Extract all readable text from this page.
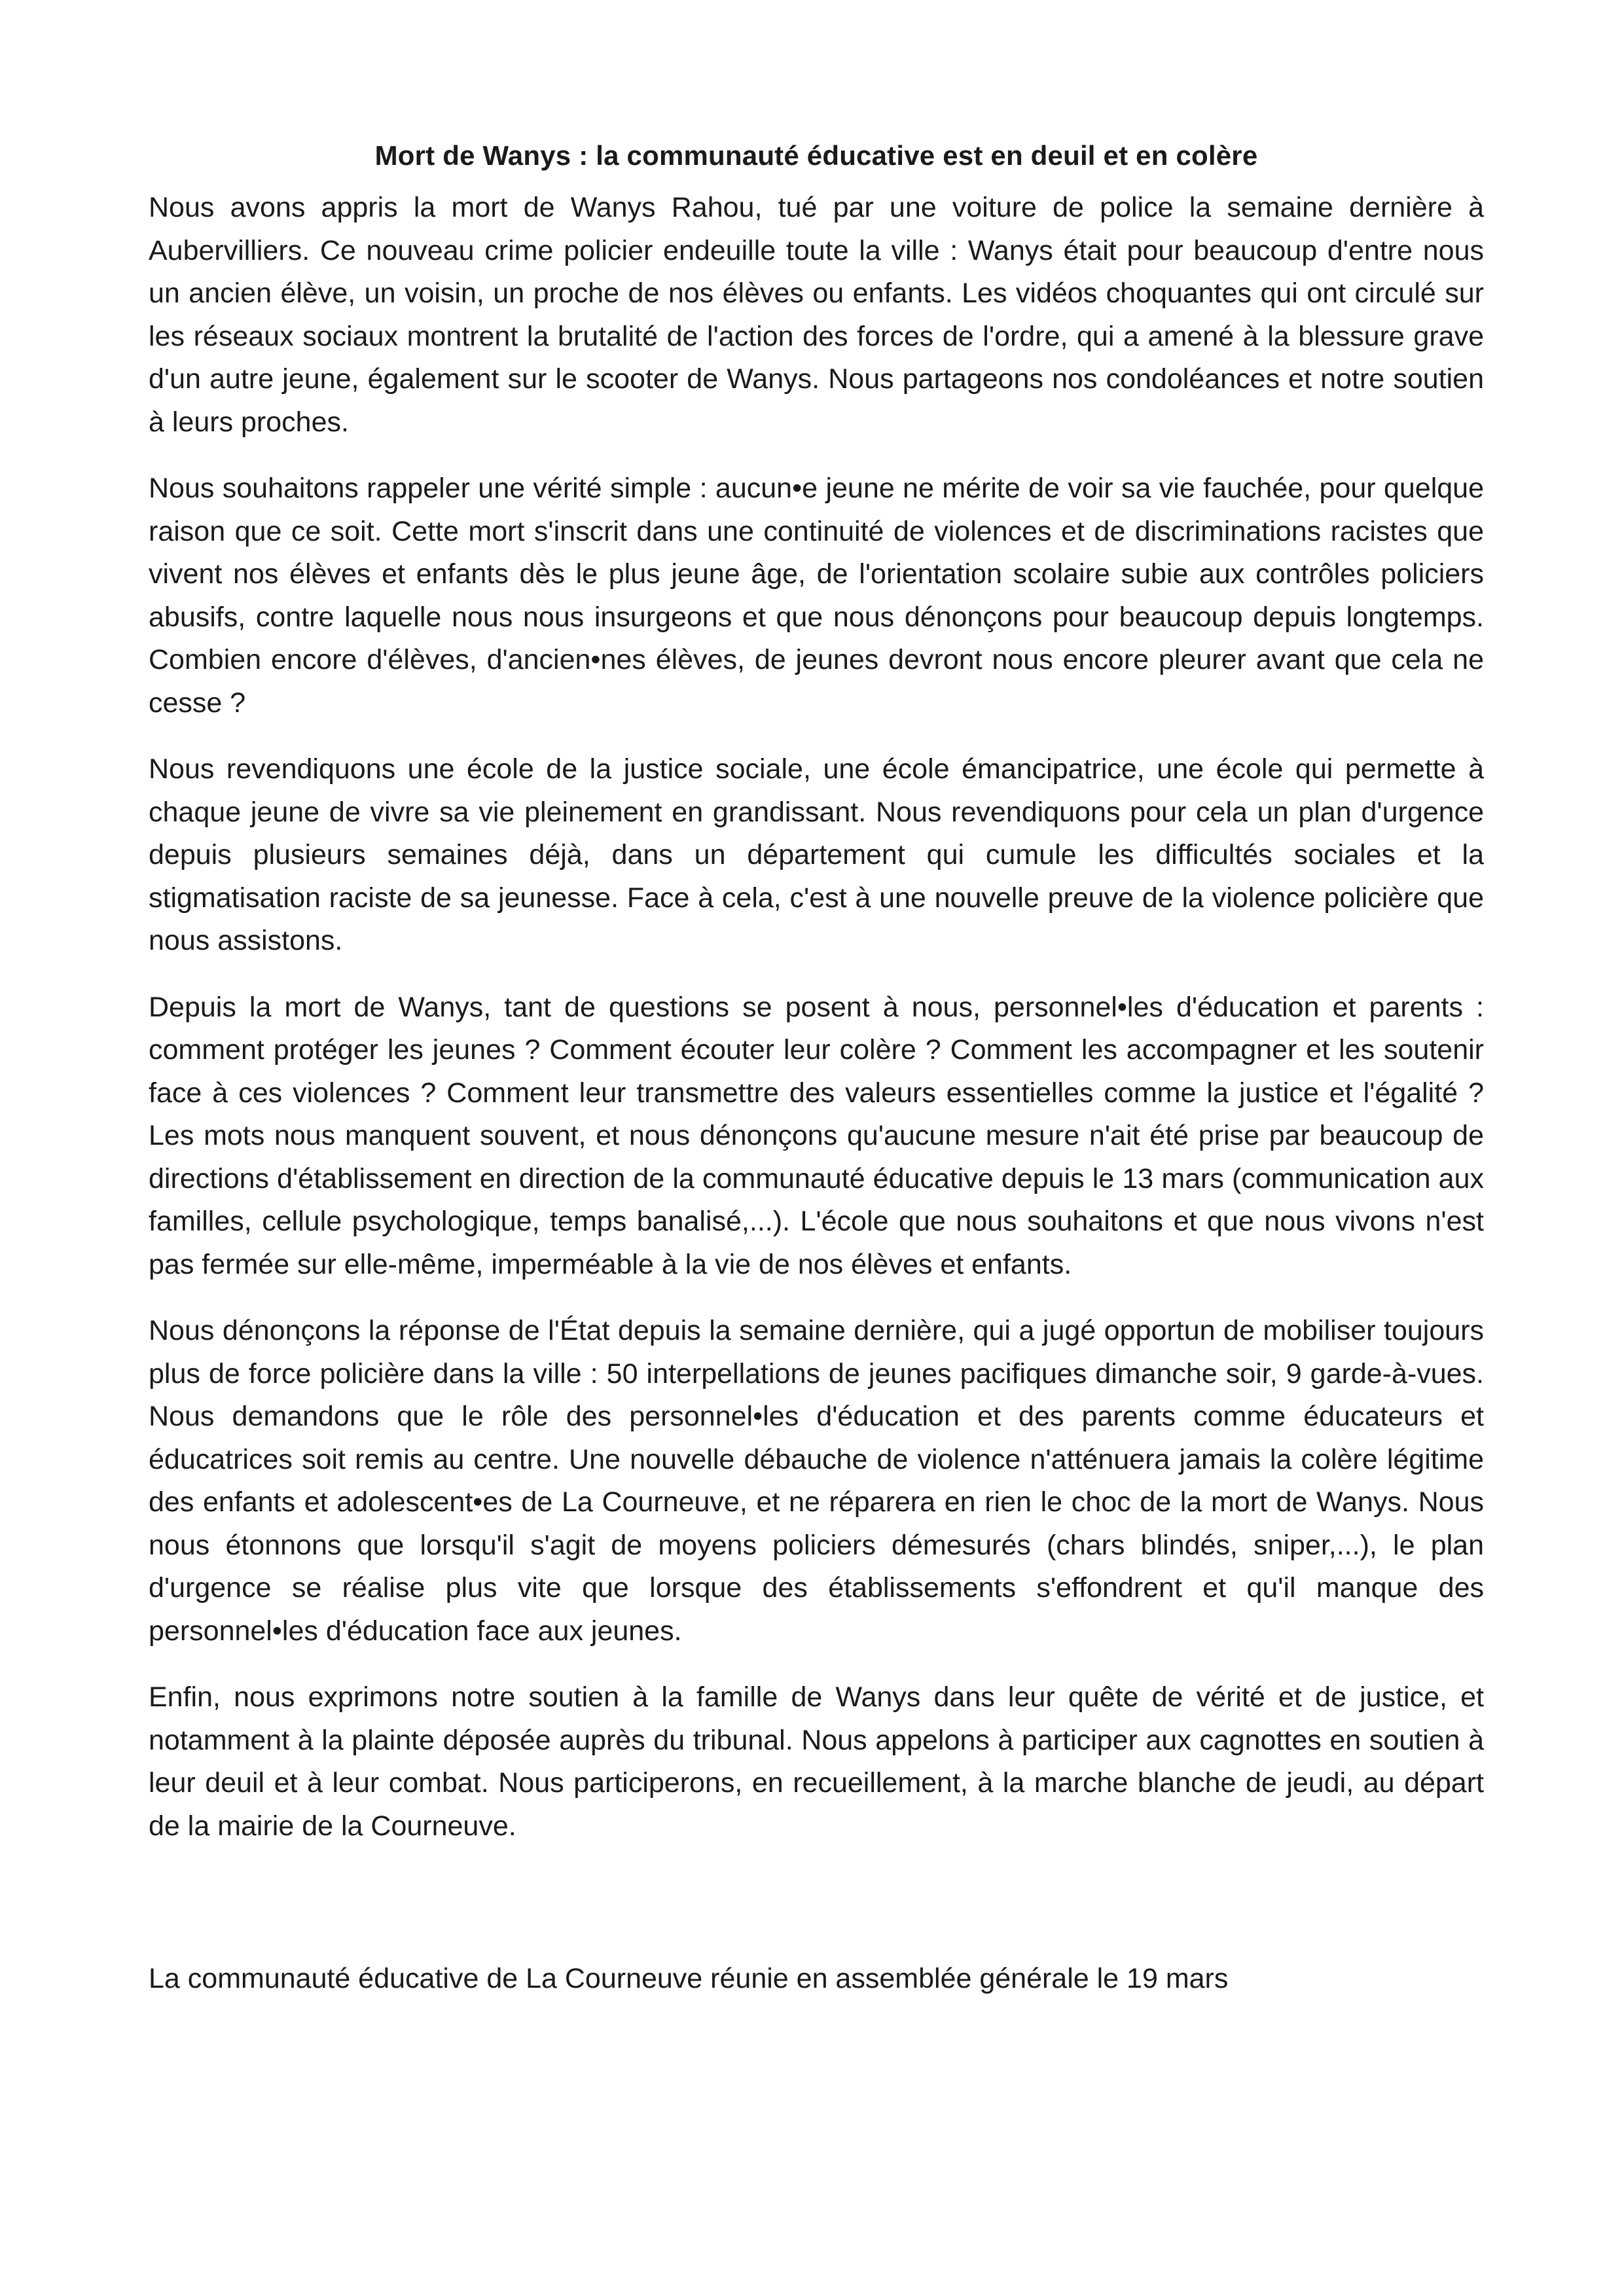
Mort de Wanys : la communauté éducative est en deuil et en colère

Nous avons appris la mort de Wanys Rahou, tué par une voiture de police la semaine dernière à Aubervilliers. Ce nouveau crime policier endeuille toute la ville : Wanys était pour beaucoup d'entre nous un ancien élève, un voisin, un proche de nos élèves ou enfants. Les vidéos choquantes qui ont circulé sur les réseaux sociaux montrent la brutalité de l'action des forces de l'ordre, qui a amené à la blessure grave d'un autre jeune, également sur le scooter de Wanys. Nous partageons nos condoléances et notre soutien à leurs proches.

Nous souhaitons rappeler une vérité simple : aucun•e jeune ne mérite de voir sa vie fauchée, pour quelque raison que ce soit. Cette mort s'inscrit dans une continuité de violences et de discriminations racistes que vivent nos élèves et enfants dès le plus jeune âge, de l'orientation scolaire subie aux contrôles policiers abusifs, contre laquelle nous nous insurgeons et que nous dénonçons pour beaucoup depuis longtemps. Combien encore d'élèves, d'ancien•nes élèves, de jeunes devront nous encore pleurer avant que cela ne cesse ?

Nous revendiquons une école de la justice sociale, une école émancipatrice, une école qui permette à chaque jeune de vivre sa vie pleinement en grandissant. Nous revendiquons pour cela un plan d'urgence depuis plusieurs semaines déjà, dans un département qui cumule les difficultés sociales et la stigmatisation raciste de sa jeunesse. Face à cela, c'est à une nouvelle preuve de la violence policière que nous assistons.

Depuis la mort de Wanys, tant de questions se posent à nous, personnel•les d'éducation et parents : comment protéger les jeunes ? Comment écouter leur colère ? Comment les accompagner et les soutenir face à ces violences ? Comment leur transmettre des valeurs essentielles comme la justice et l'égalité ? Les mots nous manquent souvent, et nous dénonçons qu'aucune mesure n'ait été prise par beaucoup de directions d'établissement en direction de la communauté éducative depuis le 13 mars (communication aux familles, cellule psychologique, temps banalisé,...). L'école que nous souhaitons et que nous vivons n'est pas fermée sur elle-même, imperméable à la vie de nos élèves et enfants.

Nous dénonçons la réponse de l'État depuis la semaine dernière, qui a jugé opportun de mobiliser toujours plus de force policière dans la ville : 50 interpellations de jeunes pacifiques dimanche soir, 9 garde-à-vues. Nous demandons que le rôle des personnel•les d'éducation et des parents comme éducateurs et éducatrices soit remis au centre. Une nouvelle débauche de violence n'atténuera jamais la colère légitime des enfants et adolescent•es de La Courneuve, et ne réparera en rien le choc de la mort de Wanys. Nous nous étonnons que lorsqu'il s'agit de moyens policiers démesurés (chars blindés, sniper,...), le plan d'urgence se réalise plus vite que lorsque des établissements s'effondrent et qu'il manque des personnel•les d'éducation face aux jeunes.

Enfin, nous exprimons notre soutien à la famille de Wanys dans leur quête de vérité et de justice, et notamment à la plainte déposée auprès du tribunal. Nous appelons à participer aux cagnottes en soutien à leur deuil et à leur combat. Nous participerons, en recueillement, à la marche blanche de jeudi, au départ de la mairie de la Courneuve.

La communauté éducative de La Courneuve réunie en assemblée générale le 19 mars
